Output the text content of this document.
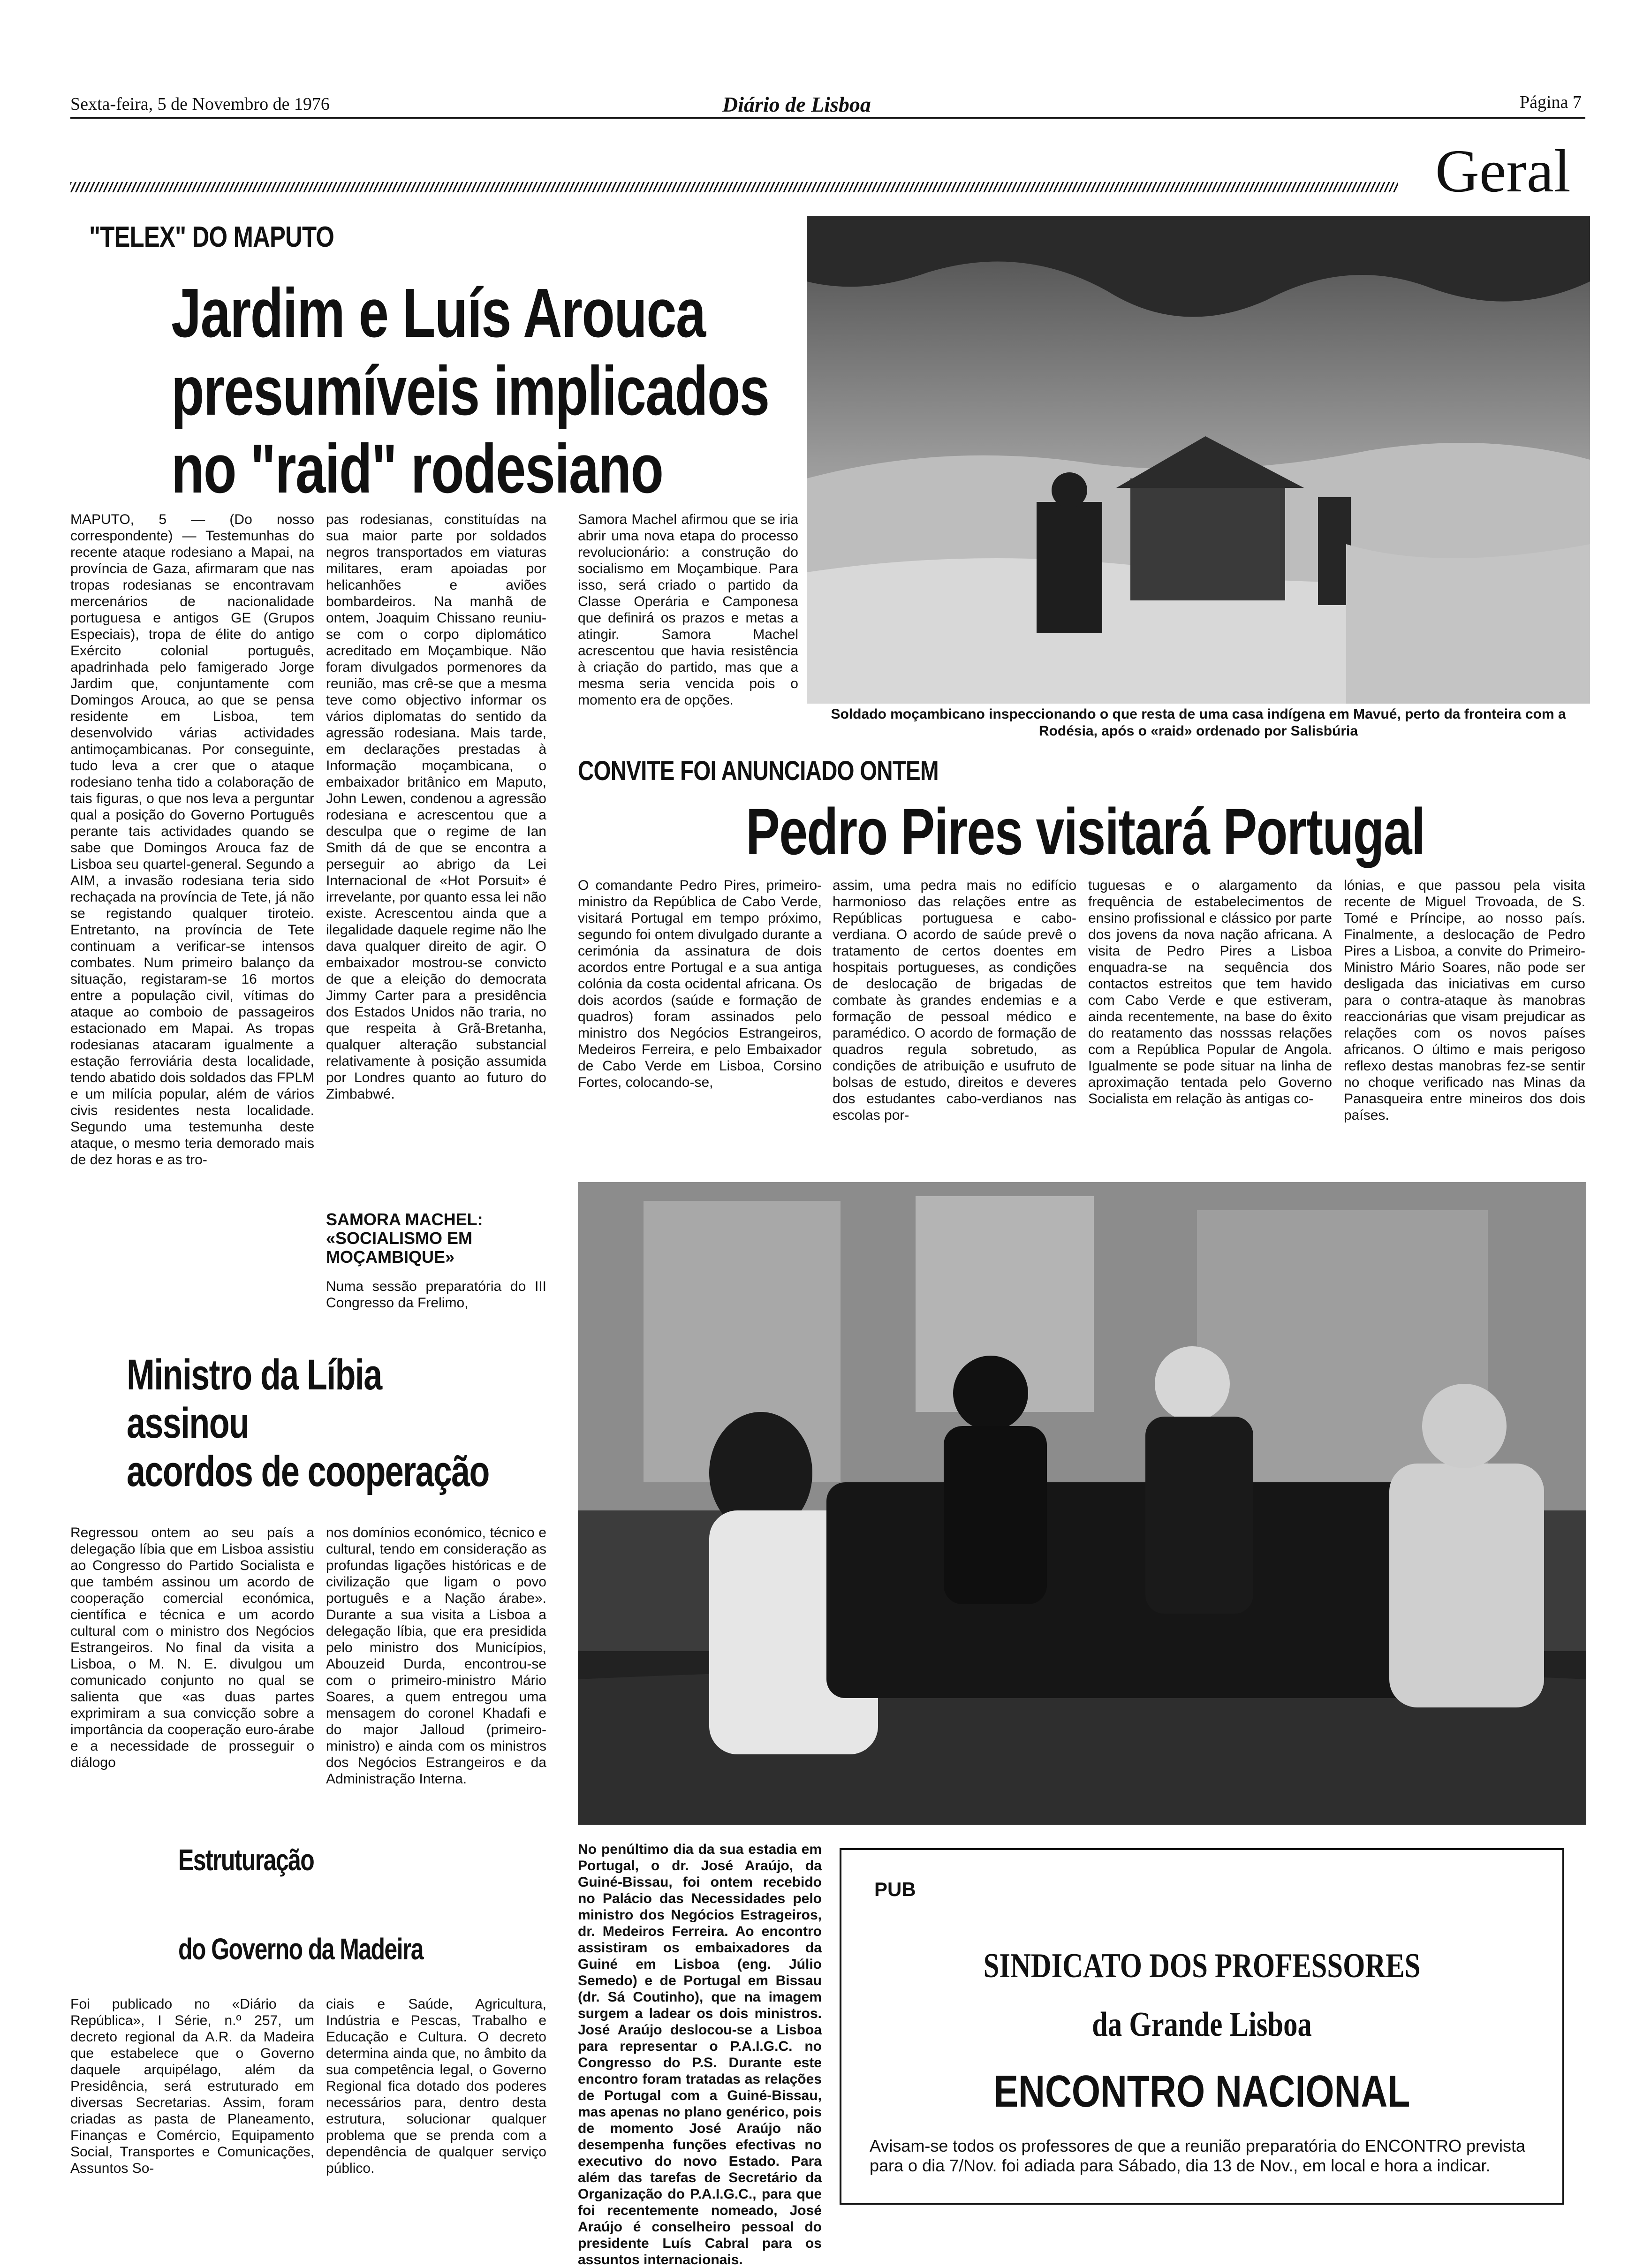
Sexta-feira, 5 de Novembro de 1976	Diário de Lisboa	Página 7
Geral
"TELEX" DO MAPUTO
Jardim e Luís Arouca
presumíveis implicados
no "raid" rodesiano
MAPUTO, 5 — (Do nosso correspondente) — Testemunhas do recente ataque rodesiano a Mapai, na província de Gaza, afirmaram que nas tropas rodesianas se encontravam mercenários de nacionalidade portuguesa e antigos GE (Grupos Especiais), tropa de élite do antigo Exército colonial português, apadrinhada pelo famigerado Jorge Jardim que, conjuntamente com Domingos Arouca, ao que se pensa residente em Lisboa, tem desenvolvido várias actividades antimoçambicanas. Por conseguinte, tudo leva a crer que o ataque rodesiano tenha tido a colaboração de tais figuras, o que nos leva a perguntar qual a posição do Governo Português perante tais actividades quando se sabe que Domingos Arouca faz de Lisboa seu quartel-general. Segundo a AIM, a invasão rodesiana teria sido rechaçada na província de Tete, já não se registando qualquer tiroteio. Entretanto, na província de Tete continuam a verificar-se intensos combates. Num primeiro balanço da situação, registaram-se 16 mortos entre a população civil, vítimas do ataque ao comboio de passageiros estacionado em Mapai. As tropas rodesianas atacaram igualmente a estação ferroviária desta localidade, tendo abatido dois soldados das FPLM e um milícia popular, além de vários civis residentes nesta localidade. Segundo uma testemunha deste ataque, o mesmo teria demorado mais de dez horas e as tro-
pas rodesianas, constituídas na sua maior parte por soldados negros transportados em viaturas militares, eram apoiadas por helicanhões e aviões bombardeiros. Na manhã de ontem, Joaquim Chissano reuniu-se com o corpo diplomático acreditado em Moçambique. Não foram divulgados pormenores da reunião, mas crê-se que a mesma teve como objectivo informar os vários diplomatas do sentido da agressão rodesiana. Mais tarde, em declarações prestadas à Informação moçambicana, o embaixador britânico em Maputo, John Lewen, condenou a agressão rodesiana e acrescentou que a desculpa que o regime de Ian Smith dá de que se encontra a perseguir ao abrigo da Lei Internacional de «Hot Porsuit» é irrevelante, por quanto essa lei não existe. Acrescentou ainda que a ilegalidade daquele regime não lhe dava qualquer direito de agir. O embaixador mostrou-se convicto de que a eleição do democrata Jimmy Carter para a presidência dos Estados Unidos não traria, no que respeita à Grã-Bretanha, qualquer alteração substancial relativamente à posição assumida por Londres quanto ao futuro do Zimbabwé.
SAMORA MACHEL: «SOCIALISMO EM MOÇAMBIQUE»
Numa sessão preparatória do III Congresso da Frelimo,
Samora Machel afirmou que se iria abrir uma nova etapa do processo revolucionário: a construção do socialismo em Moçambique. Para isso, será criado o partido da Classe Operária e Camponesa que definirá os prazos e metas a atingir. Samora Machel acrescentou que havia resistência à criação do partido, mas que a mesma seria vencida pois o momento era de opções.
Soldado moçambicano inspeccionando o que resta de uma casa indígena em Mavué, perto da fronteira com a Rodésia, após o «raid» ordenado por Salisbúria
CONVITE FOI ANUNCIADO ONTEM
Pedro Pires visitará Portugal
O comandante Pedro Pires, primeiro-ministro da República de Cabo Verde, visitará Portugal em tempo próximo, segundo foi ontem divulgado durante a cerimónia da assinatura de dois acordos entre Portugal e a sua antiga colónia da costa ocidental africana. Os dois acordos (saúde e formação de quadros) foram assinados pelo ministro dos Negócios Estrangeiros, Medeiros Ferreira, e pelo Embaixador de Cabo Verde em Lisboa, Corsino Fortes, colocando-se,
assim, uma pedra mais no edifício harmonioso das relações entre as Repúblicas portuguesa e cabo-verdiana. O acordo de saúde prevê o tratamento de certos doentes em hospitais portugueses, as condições de deslocação de brigadas de combate às grandes endemias e a formação de pessoal médico e paramédico. O acordo de formação de quadros regula sobretudo, as condições de atribuição e usufruto de bolsas de estudo, direitos e deveres dos estudantes cabo-verdianos nas escolas por-
tuguesas e o alargamento da frequência de estabelecimentos de ensino profissional e clássico por parte dos jovens da nova nação africana. A visita de Pedro Pires a Lisboa enquadra-se na sequência dos contactos estreitos que tem havido com Cabo Verde e que estiveram, ainda recentemente, na base do êxito do reatamento das nosssas relações com a República Popular de Angola. Igualmente se pode situar na linha de aproximação tentada pelo Governo Socialista em relação às antigas co-
lónias, e que passou pela visita recente de Miguel Trovoada, de S. Tomé e Príncipe, ao nosso país. Finalmente, a deslocação de Pedro Pires a Lisboa, a convite do Primeiro-Ministro Mário Soares, não pode ser desligada das iniciativas em curso para o contra-ataque às manobras reaccionárias que visam prejudicar as relações com os novos países africanos. O último e mais perigoso reflexo destas manobras fez-se sentir no choque verificado nas Minas da Panasqueira entre mineiros dos dois países.
Ministro da Líbia
assinou
acordos de cooperação
Regressou ontem ao seu país a delegação líbia que em Lisboa assistiu ao Congresso do Partido Socialista e que também assinou um acordo de cooperação comercial económica, científica e técnica e um acordo cultural com o ministro dos Negócios Estrangeiros. No final da visita a Lisboa, o M. N. E. divulgou um comunicado conjunto no qual se salienta que «as duas partes exprimiram a sua convicção sobre a importância da cooperação euro-árabe e a necessidade de prosseguir o diálogo
nos domínios económico, técnico e cultural, tendo em consideração as profundas ligações históricas e de civilização que ligam o povo português e a Nação árabe». Durante a sua visita a Lisboa a delegação líbia, que era presidida pelo ministro dos Municípios, Abouzeid Durda, encontrou-se com o primeiro-ministro Mário Soares, a quem entregou uma mensagem do coronel Khadafi e do major Jalloud (primeiro-ministro) e ainda com os ministros dos Negócios Estrangeiros e da Administração Interna.
Estruturação
do Governo da Madeira
Foi publicado no «Diário da República», I Série, n.º 257, um decreto regional da A.R. da Madeira que estabelece que o Governo daquele arquipélago, além da Presidência, será estruturado em diversas Secretarias. Assim, foram criadas as pasta de Planeamento, Finanças e Comércio, Equipamento Social, Transportes e Comunicações, Assuntos So-
ciais e Saúde, Agricultura, Indústria e Pescas, Trabalho e Educação e Cultura. O decreto determina ainda que, no âmbito da sua competência legal, o Governo Regional fica dotado dos poderes necessários para, dentro desta estrutura, solucionar qualquer problema que se prenda com a dependência de qualquer serviço público.
No penúltimo dia da sua estadia em Portugal, o dr. José Araújo, da Guiné-Bissau, foi ontem recebido no Palácio das Necessidades pelo ministro dos Negócios Estrageiros, dr. Medeiros Ferreira. Ao encontro assistiram os embaixadores da Guiné em Lisboa (eng. Júlio Semedo) e de Portugal em Bissau (dr. Sá Coutinho), que na imagem surgem a ladear os dois ministros. José Araújo deslocou-se a Lisboa para representar o P.A.I.G.C. no Congresso do P.S. Durante este encontro foram tratadas as relações de Portugal com a Guiné-Bissau, mas apenas no plano genérico, pois de momento José Araújo não desempenha funções efectivas no executivo do novo Estado. Para além das tarefas de Secretário da Organização do P.A.I.G.C., para que foi recentemente nomeado, José Araújo é conselheiro pessoal do presidente Luís Cabral para os assuntos internacionais.
PUB
SINDICATO DOS PROFESSORES
da Grande Lisboa
ENCONTRO NACIONAL
Avisam-se todos os professores de que a reunião preparatória do ENCONTRO prevista para o dia 7/Nov. foi adiada para Sábado, dia 13 de Nov., em local e hora a indicar.
